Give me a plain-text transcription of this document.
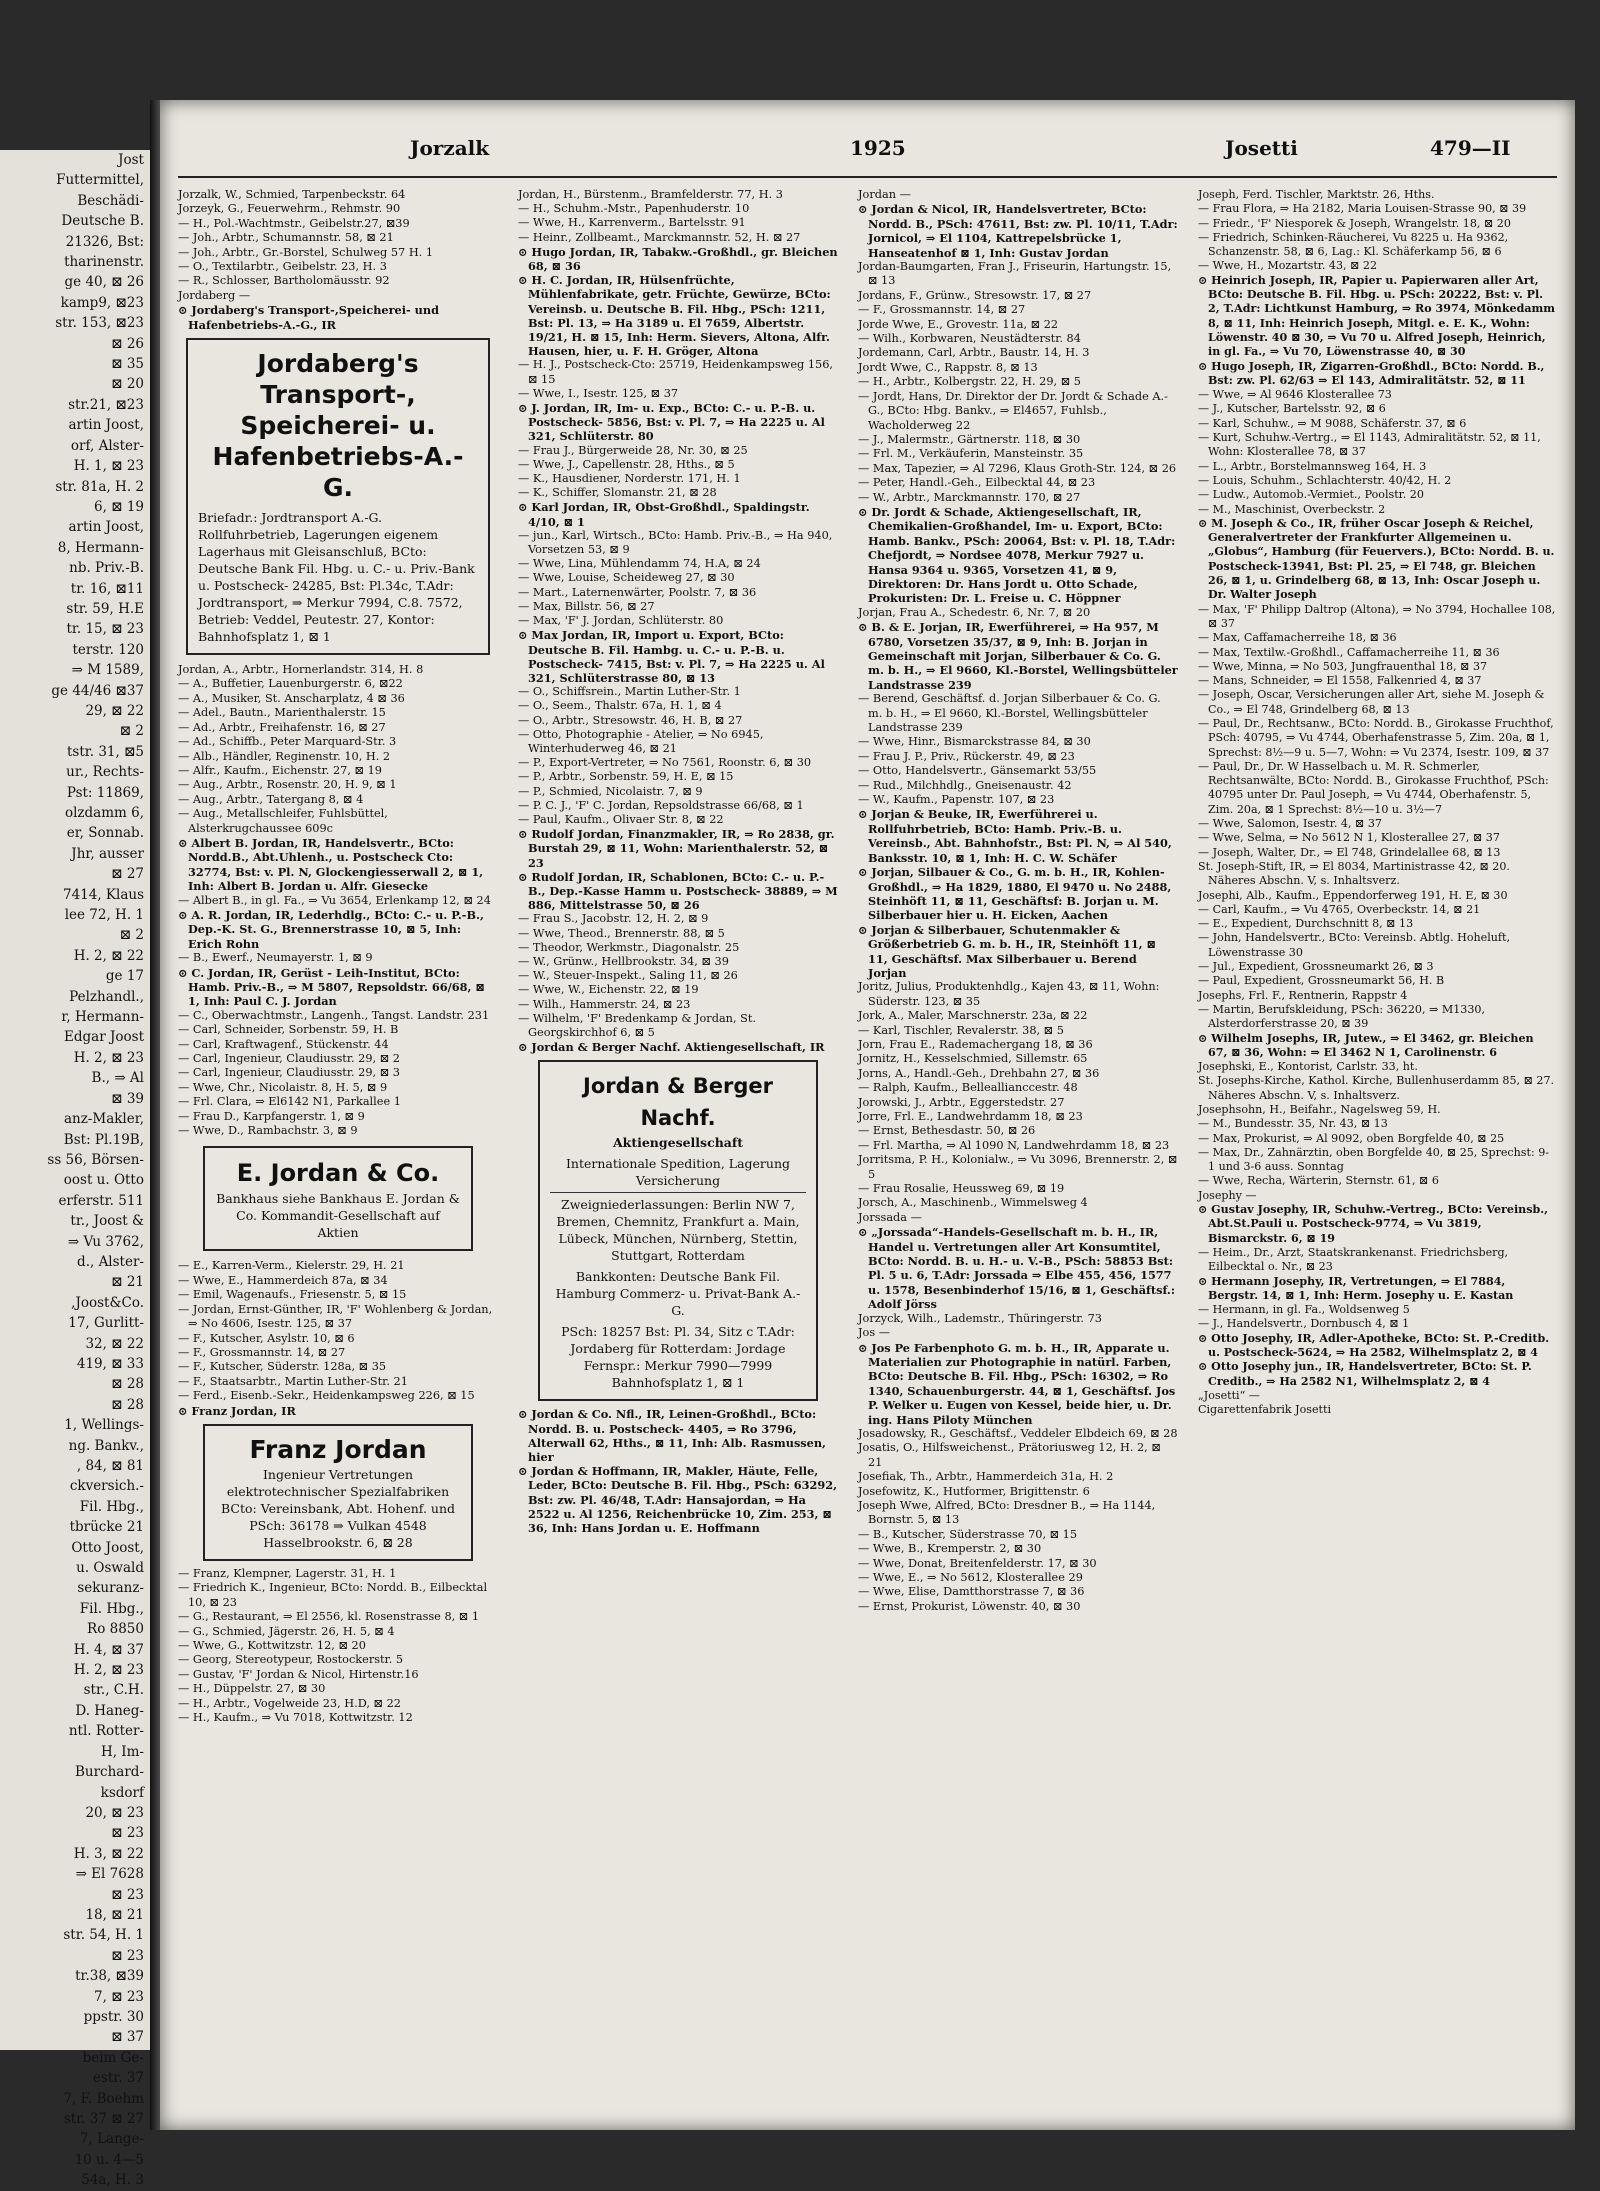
Jost
Futtermittel,
Beschädi-
Deutsche B.
21326, Bst:
tharinenstr.
ge 40, ⊠ 26
kamp9, ⊠23
str. 153, ⊠23
⊠ 26
⊠ 35
⊠ 20
str.21, ⊠23
artin Joost,
orf, Alster-
H. 1, ⊠ 23
str. 81a, H. 2
6, ⊠ 19
artin Joost,
8, Hermann-
nb. Priv.-B.
tr. 16, ⊠11
str. 59, H.E
tr. 15, ⊠ 23
terstr. 120
⇒ M 1589,
ge 44/46 ⊠37
29, ⊠ 22
⊠ 2
tstr. 31, ⊠5
ur., Rechts-
Pst: 11869,
olzdamm 6,
er, Sonnab.
Jhr, ausser
⊠ 27
7414, Klaus
lee 72, H. 1
⊠ 2
H. 2, ⊠ 22
ge 17
Pelzhandl.,
r, Hermann-
Edgar Joost
H. 2, ⊠ 23
B., ⇒ Al
⊠ 39
anz-Makler,
Bst: Pl.19B,
ss 56, Börsen-
oost u. Otto
erferstr. 511
tr., Joost &
⇒ Vu 3762,
d., Alster-
⊠ 21
,Joost&Co.
17, Gurlitt-
32, ⊠ 22
419, ⊠ 33
⊠ 28
⊠ 28
1, Wellings-
ng. Bankv.,
, 84, ⊠ 81
ckversich.-
Fil. Hbg.,
tbrücke 21
Otto Joost,
u. Oswald
sekuranz-
Fil. Hbg.,
Ro 8850
H. 4, ⊠ 37
H. 2, ⊠ 23
str., C.H.
D. Haneg-
ntl. Rotter-
H, Im-
Burchard-
ksdorf
20, ⊠ 23
⊠ 23
H. 3, ⊠ 22
⇒ El 7628
⊠ 23
18, ⊠ 21
str. 54, H. 1
⊠ 23
tr.38, ⊠39
7, ⊠ 23
ppstr. 30
⊠ 37
beim Ge-
estr. 37
7, F. Boehm
str. 37 ⊠ 27
7, Lange-
10 u. 4—5
54a, H. 3
Jorzalk	1925	Josetti	479—II
Jorzalk, W., Schmied, Tarpenbeckstr. 64
Jorzeyk, G., Feuerwehrm., Rehmstr. 90
— H., Pol.-Wachtmstr., Geibelstr.27, ⊠39
— Joh., Arbtr., Schumannstr. 58, ⊠ 21
— Joh., Arbtr., Gr.-Borstel, Schulweg 57 H. 1
— O., Textilarbtr., Geibelstr. 23, H. 3
— R., Schlosser, Bartholomäusstr. 92
Jordaberg —
⊙ Jordaberg's Transport-,Speicherei- und Hafenbetriebs-A.-G., IR
Jordaberg's Transport-, Speicherei- u. Hafenbetriebs-A.-G.
Briefadr.: Jordtransport A.-G. Rollfuhrbetrieb, Lagerungen eigenem Lagerhaus mit Gleisanschluß, BCto: Deutsche Bank Fil. Hbg. u. C.- u. Priv.-Bank u. Postscheck- 24285, Bst: Pl.34c, T.Adr: Jordtransport, ⇒ Merkur 7994, C.8. 7572, Betrieb: Veddel, Peutestr. 27, Kontor: Bahnhofsplatz 1, ⊠ 1
Jordan, A., Arbtr., Hornerlandstr. 314, H. 8
— A., Buffetier, Lauenburgerstr. 6, ⊠22
— A., Musiker, St. Anscharplatz, 4 ⊠ 36
— Adel., Bautn., Marienthalerstr. 15
— Ad., Arbtr., Freihafenstr. 16, ⊠ 27
— Ad., Schiffb., Peter Marquard-Str. 3
— Alb., Händler, Reginenstr. 10, H. 2
— Alfr., Kaufm., Eichenstr. 27, ⊠ 19
— Aug., Arbtr., Rosenstr. 20, H. 9, ⊠ 1
— Aug., Arbtr., Tatergang 8, ⊠ 4
— Aug., Metallschleifer, Fuhlsbüttel, Alsterkrugchaussee 609c
⊙ Albert B. Jordan, IR, Handelsvertr., BCto: Nordd.B., Abt.Uhlenh., u. Postscheck Cto: 32774, Bst: v. Pl. N, Glockengiesserwall 2, ⊠ 1, Inh: Albert B. Jordan u. Alfr. Giesecke
— Albert B., in gl. Fa., ⇒ Vu 3654, Erlenkamp 12, ⊠ 24
⊙ A. R. Jordan, IR, Lederhdlg., BCto: C.- u. P.-B., Dep.-K. St. G., Brennerstrasse 10, ⊠ 5, Inh: Erich Rohn
— B., Ewerf., Neumayerstr. 1, ⊠ 9
⊙ C. Jordan, IR, Gerüst - Leih-Institut, BCto: Hamb. Priv.-B., ⇒ M 5807, Repsoldstr. 66/68, ⊠ 1, Inh: Paul C. J. Jordan
— C., Oberwachtmstr., Langenh., Tangst. Landstr. 231
— Carl, Schneider, Sorbenstr. 59, H. B
— Carl, Kraftwagenf., Stückenstr. 44
— Carl, Ingenieur, Claudiusstr. 29, ⊠ 2
— Carl, Ingenieur, Claudiusstr. 29, ⊠ 3
— Wwe, Chr., Nicolaistr. 8, H. 5, ⊠ 9
— Frl. Clara, ⇒ El6142 N1, Parkallee 1
— Frau D., Karpfangerstr. 1, ⊠ 9
— Wwe, D., Rambachstr. 3, ⊠ 9
E. Jordan & Co.
Bankhaus siehe Bankhaus E. Jordan & Co. Kommandit-Gesellschaft auf Aktien
— E., Karren-Verm., Kielerstr. 29, H. 21
— Wwe, E., Hammerdeich 87a, ⊠ 34
— Emil, Wagenaufs., Friesenstr. 5, ⊠ 15
— Jordan, Ernst-Günther, IR, 'F' Wohlenberg & Jordan, ⇒ No 4606, Isestr. 125, ⊠ 37
— F., Kutscher, Asylstr. 10, ⊠ 6
— F., Grossmannstr. 14, ⊠ 27
— F., Kutscher, Süderstr. 128a, ⊠ 35
— F., Staatsarbtr., Martin Luther-Str. 21
— Ferd., Eisenb.-Sekr., Heidenkampsweg 226, ⊠ 15
⊙ Franz Jordan, IR
Franz Jordan
Ingenieur Vertretungen elektrotechnischer Spezialfabriken BCto: Vereinsbank, Abt. Hohenf. und PSch: 36178 ⇒ Vulkan 4548 Hasselbrookstr. 6, ⊠ 28
— Franz, Klempner, Lagerstr. 31, H. 1
— Friedrich K., Ingenieur, BCto: Nordd. B., Eilbecktal 10, ⊠ 23
— G., Restaurant, ⇒ El 2556, kl. Rosenstrasse 8, ⊠ 1
— G., Schmied, Jägerstr. 26, H. 5, ⊠ 4
— Wwe, G., Kottwitzstr. 12, ⊠ 20
— Georg, Stereotypeur, Rostockerstr. 5
— Gustav, 'F' Jordan & Nicol, Hirtenstr.16
— H., Düppelstr. 27, ⊠ 30
— H., Arbtr., Vogelweide 23, H.D, ⊠ 22
— H., Kaufm., ⇒ Vu 7018, Kottwitzstr. 12
Jordan, H., Bürstenm., Bramfelderstr. 77, H. 3
— H., Schuhm.-Mstr., Papenhuderstr. 10
— Wwe, H., Karrenverm., Bartelsstr. 91
— Heinr., Zollbeamt., Marckmannstr. 52, H. ⊠ 27
⊙ Hugo Jordan, IR, Tabakw.-Großhdl., gr. Bleichen 68, ⊠ 36
⊙ H. C. Jordan, IR, Hülsenfrüchte, Mühlenfabrikate, getr. Früchte, Gewürze, BCto: Vereinsb. u. Deutsche B. Fil. Hbg., PSch: 1211, Bst: Pl. 13, ⇒ Ha 3189 u. El 7659, Albertstr. 19/21, H. ⊠ 15, Inh: Herm. Sievers, Altona, Alfr. Hausen, hier, u. F. H. Gröger, Altona
— H. J., Postscheck-Cto: 25719, Heidenkampsweg 156, ⊠ 15
— Wwe, I., Isestr. 125, ⊠ 37
⊙ J. Jordan, IR, Im- u. Exp., BCto: C.- u. P.-B. u. Postscheck- 5856, Bst: v. Pl. 7, ⇒ Ha 2225 u. Al 321, Schlüterstr. 80
— Frau J., Bürgerweide 28, Nr. 30, ⊠ 25
— Wwe, J., Capellenstr. 28, Hths., ⊠ 5
— K., Hausdiener, Norderstr. 171, H. 1
— K., Schiffer, Slomanstr. 21, ⊠ 28
⊙ Karl Jordan, IR, Obst-Großhdl., Spaldingstr. 4/10, ⊠ 1
— jun., Karl, Wirtsch., BCto: Hamb. Priv.-B., ⇒ Ha 940, Vorsetzen 53, ⊠ 9
— Wwe, Lina, Mühlendamm 74, H.A, ⊠ 24
— Wwe, Louise, Scheideweg 27, ⊠ 30
— Mart., Laternenwärter, Poolstr. 7, ⊠ 36
— Max, Billstr. 56, ⊠ 27
— Max, 'F' J. Jordan, Schlüterstr. 80
⊙ Max Jordan, IR, Import u. Export, BCto: Deutsche B. Fil. Hambg. u. C.- u. P.-B. u. Postscheck- 7415, Bst: v. Pl. 7, ⇒ Ha 2225 u. Al 321, Schlüterstrasse 80, ⊠ 13
— O., Schiffsrein., Martin Luther-Str. 1
— O., Seem., Thalstr. 67a, H. 1, ⊠ 4
— O., Arbtr., Stresowstr. 46, H. B, ⊠ 27
— Otto, Photographie - Atelier, ⇒ No 6945, Winterhuderweg 46, ⊠ 21
— P., Export-Vertreter, ⇒ No 7561, Roonstr. 6, ⊠ 30
— P., Arbtr., Sorbenstr. 59, H. E, ⊠ 15
— P., Schmied, Nicolaistr. 7, ⊠ 9
— P. C. J., 'F' C. Jordan, Repsoldstrasse 66/68, ⊠ 1
— Paul, Kaufm., Olivaer Str. 8, ⊠ 22
⊙ Rudolf Jordan, Finanzmakler, IR, ⇒ Ro 2838, gr. Burstah 29, ⊠ 11, Wohn: Marienthalerstr. 52, ⊠ 23
⊙ Rudolf Jordan, IR, Schablonen, BCto: C.- u. P.-B., Dep.-Kasse Hamm u. Postscheck- 38889, ⇒ M 886, Mittelstrasse 50, ⊠ 26
— Frau S., Jacobstr. 12, H. 2, ⊠ 9
— Wwe, Theod., Brennerstr. 88, ⊠ 5
— Theodor, Werkmstr., Diagonalstr. 25
— W., Grünw., Hellbrookstr. 34, ⊠ 39
— W., Steuer-Inspekt., Saling 11, ⊠ 26
— Wwe, W., Eichenstr. 22, ⊠ 19
— Wilh., Hammerstr. 24, ⊠ 23
— Wilhelm, 'F' Bredenkamp & Jordan, St. Georgskirchhof 6, ⊠ 5
⊙ Jordan & Berger Nachf. Aktiengesellschaft, IR
Jordan & Berger Nachf.
Aktiengesellschaft
Internationale Spedition, Lagerung Versicherung
Zweigniederlassungen: Berlin NW 7, Bremen, Chemnitz, Frankfurt a. Main, Lübeck, München, Nürnberg, Stettin, Stuttgart, Rotterdam
Bankkonten: Deutsche Bank Fil. Hamburg Commerz- u. Privat-Bank A.-G.
PSch: 18257 Bst: Pl. 34, Sitz c T.Adr: Jordaberg für Rotterdam: Jordage Fernspr.: Merkur 7990—7999 Bahnhofsplatz 1, ⊠ 1
⊙ Jordan & Co. Nfl., IR, Leinen-Großhdl., BCto: Nordd. B. u. Postscheck- 4405, ⇒ Ro 3796, Alterwall 62, Hths., ⊠ 11, Inh: Alb. Rasmussen, hier
⊙ Jordan & Hoffmann, IR, Makler, Häute, Felle, Leder, BCto: Deutsche B. Fil. Hbg., PSch: 63292, Bst: zw. Pl. 46/48, T.Adr: Hansajordan, ⇒ Ha 2522 u. Al 1256, Reichenbrücke 10, Zim. 253, ⊠ 36, Inh: Hans Jordan u. E. Hoffmann
Jordan —
⊙ Jordan & Nicol, IR, Handelsvertreter, BCto: Nordd. B., PSch: 47611, Bst: zw. Pl. 10/11, T.Adr: Jornicol, ⇒ El 1104, Kattrepelsbrücke 1, Hanseatenhof ⊠ 1, Inh: Gustav Jordan
Jordan-Baumgarten, Fran J., Friseurin, Hartungstr. 15, ⊠ 13
Jordans, F., Grünw., Stresowstr. 17, ⊠ 27
— F., Grossmannstr. 14, ⊠ 27
Jorde Wwe, E., Grovestr. 11a, ⊠ 22
— Wilh., Korbwaren, Neustädterstr. 84
Jordemann, Carl, Arbtr., Baustr. 14, H. 3
Jordt Wwe, C., Rappstr. 8, ⊠ 13
— H., Arbtr., Kolbergstr. 22, H. 29, ⊠ 5
— Jordt, Hans, Dr. Direktor der Dr. Jordt & Schade A.-G., BCto: Hbg. Bankv., ⇒ El4657, Fuhlsb., Wacholderweg 22
— J., Malermstr., Gärtnerstr. 118, ⊠ 30
— Frl. M., Verkäuferin, Mansteinstr. 35
— Max, Tapezier, ⇒ Al 7296, Klaus Groth-Str. 124, ⊠ 26
— Peter, Handl.-Geh., Eilbecktal 44, ⊠ 23
— W., Arbtr., Marckmannstr. 170, ⊠ 27
⊙ Dr. Jordt & Schade, Aktiengesellschaft, IR, Chemikalien-Großhandel, Im- u. Export, BCto: Hamb. Bankv., PSch: 20064, Bst: v. Pl. 18, T.Adr: Chefjordt, ⇒ Nordsee 4078, Merkur 7927 u. Hansa 9364 u. 9365, Vorsetzen 41, ⊠ 9, Direktoren: Dr. Hans Jordt u. Otto Schade, Prokuristen: Dr. L. Freise u. C. Höppner
Jorjan, Frau A., Schedestr. 6, Nr. 7, ⊠ 20
⊙ B. & E. Jorjan, IR, Ewerführerei, ⇒ Ha 957, M 6780, Vorsetzen 35/37, ⊠ 9, Inh: B. Jorjan in Gemeinschaft mit Jorjan, Silberbauer & Co. G. m. b. H., ⇒ El 9660, Kl.-Borstel, Wellingsbütteler Landstrasse 239
— Berend, Geschäftsf. d. Jorjan Silberbauer & Co. G. m. b. H., ⇒ El 9660, Kl.-Borstel, Wellingsbütteler Landstrasse 239
— Wwe, Hinr., Bismarckstrasse 84, ⊠ 30
— Frau J. P., Priv., Rückerstr. 49, ⊠ 23
— Otto, Handelsvertr., Gänsemarkt 53/55
— Rud., Milchhdlg., Gneisenaustr. 42
— W., Kaufm., Papenstr. 107, ⊠ 23
⊙ Jorjan & Beuke, IR, Ewerführerei u. Rollfuhrbetrieb, BCto: Hamb. Priv.-B. u. Vereinsb., Abt. Bahnhofstr., Bst: Pl. N, ⇒ Al 540, Banksstr. 10, ⊠ 1, Inh: H. C. W. Schäfer
⊙ Jorjan, Silbauer & Co., G. m. b. H., IR, Kohlen-Großhdl., ⇒ Ha 1829, 1880, El 9470 u. No 2488, Steinhöft 11, ⊠ 11, Geschäftsf: B. Jorjan u. M. Silberbauer hier u. H. Eicken, Aachen
⊙ Jorjan & Silberbauer, Schutenmakler & Größerbetrieb G. m. b. H., IR, Steinhöft 11, ⊠ 11, Geschäftsf. Max Silberbauer u. Berend Jorjan
Joritz, Julius, Produktenhdlg., Kajen 43, ⊠ 11, Wohn: Süderstr. 123, ⊠ 35
Jork, A., Maler, Marschnerstr. 23a, ⊠ 22
— Karl, Tischler, Revalerstr. 38, ⊠ 5
Jorn, Frau E., Rademachergang 18, ⊠ 36
Jornitz, H., Kesselschmied, Sillemstr. 65
Jorns, A., Handl.-Geh., Drehbahn 27, ⊠ 36
— Ralph, Kaufm., Belleallianccestr. 48
Jorowski, J., Arbtr., Eggerstedstr. 27
Jorre, Frl. E., Landwehrdamm 18, ⊠ 23
— Ernst, Bethesdastr. 50, ⊠ 26
— Frl. Martha, ⇒ Al 1090 N, Landwehrdamm 18, ⊠ 23
Jorritsma, P. H., Kolonialw., ⇒ Vu 3096, Brennerstr. 2, ⊠ 5
— Frau Rosalie, Heussweg 69, ⊠ 19
Jorsch, A., Maschinenb., Wimmelsweg 4
Jorssada —
⊙ „Jorssada“-Handels-Gesellschaft m. b. H., IR, Handel u. Vertretungen aller Art Konsumtitel, BCto: Nordd. B. u. H.- u. V.-B., PSch: 58853 Bst: Pl. 5 u. 6, T.Adr: Jorssada ⇒ Elbe 455, 456, 1577 u. 1578, Besenbinderhof 15/16, ⊠ 1, Geschäftsf.: Adolf Jörss
Jorzyck, Wilh., Lademstr., Thüringerstr. 73
Jos —
⊙ Jos Pe Farbenphoto G. m. b. H., IR, Apparate u. Materialien zur Photographie in natürl. Farben, BCto: Deutsche B. Fil. Hbg., PSch: 16302, ⇒ Ro 1340, Schauenburgerstr. 44, ⊠ 1, Geschäftsf. Jos P. Welker u. Eugen von Kessel, beide hier, u. Dr. ing. Hans Piloty München
Josadowsky, R., Geschäftsf., Veddeler Elbdeich 69, ⊠ 28
Josatis, O., Hilfsweichenst., Prätoriusweg 12, H. 2, ⊠ 21
Josefiak, Th., Arbtr., Hammerdeich 31a, H. 2
Josefowitz, K., Hutformer, Brigittenstr. 6
Joseph Wwe, Alfred, BCto: Dresdner B., ⇒ Ha 1144, Bornstr. 5, ⊠ 13
— B., Kutscher, Süderstrasse 70, ⊠ 15
— Wwe, B., Kremperstr. 2, ⊠ 30
— Wwe, Donat, Breitenfelderstr. 17, ⊠ 30
— Wwe, E., ⇒ No 5612, Klosterallee 29
— Wwe, Elise, Damtthorstrasse 7, ⊠ 36
— Ernst, Prokurist, Löwenstr. 40, ⊠ 30
Joseph, Ferd. Tischler, Marktstr. 26, Hths.
— Frau Flora, ⇒ Ha 2182, Maria Louisen-Strasse 90, ⊠ 39
— Friedr., 'F' Niesporek & Joseph, Wrangelstr. 18, ⊠ 20
— Friedrich, Schinken-Räucherei, Vu 8225 u. Ha 9362, Schanzenstr. 58, ⊠ 6, Lag.: Kl. Schäferkamp 56, ⊠ 6
— Wwe, H., Mozartstr. 43, ⊠ 22
⊙ Heinrich Joseph, IR, Papier u. Papierwaren aller Art, BCto: Deutsche B. Fil. Hbg. u. PSch: 20222, Bst: v. Pl. 2, T.Adr: Lichtkunst Hamburg, ⇒ Ro 3974, Mönkedamm 8, ⊠ 11, Inh: Heinrich Joseph, Mitgl. e. E. K., Wohn: Löwenstr. 40 ⊠ 30, ⇒ Vu 70 u. Alfred Joseph, Heinrich, in gl. Fa., ⇒ Vu 70, Löwenstrasse 40, ⊠ 30
⊙ Hugo Joseph, IR, Zigarren-Großhdl., BCto: Nordd. B., Bst: zw. Pl. 62/63 ⇒ El 143, Admiralitätstr. 52, ⊠ 11
— Wwe, ⇒ Al 9646 Klosterallee 73
— J., Kutscher, Bartelsstr. 92, ⊠ 6
— Karl, Schuhw., ⇒ M 9088, Schäferstr. 37, ⊠ 6
— Kurt, Schuhw.-Vertrg., ⇒ El 1143, Admiralitätstr. 52, ⊠ 11, Wohn: Klosterallee 78, ⊠ 37
— L., Arbtr., Borstelmannsweg 164, H. 3
— Louis, Schuhm., Schlachterstr. 40/42, H. 2
— Ludw., Automob.-Vermiet., Poolstr. 20
— M., Maschinist, Overbeckstr. 2
⊙ M. Joseph & Co., IR, früher Oscar Joseph & Reichel, Generalvertreter der Frankfurter Allgemeinen u. „Globus“, Hamburg (für Feuervers.), BCto: Nordd. B. u. Postscheck-13941, Bst: Pl. 25, ⇒ El 748, gr. Bleichen 26, ⊠ 1, u. Grindelberg 68, ⊠ 13, Inh: Oscar Joseph u. Dr. Walter Joseph
— Max, 'F' Philipp Daltrop (Altona), ⇒ No 3794, Hochallee 108, ⊠ 37
— Max, Caffamacherreihe 18, ⊠ 36
— Max, Textilw.-Großhdl., Caffamacherreihe 11, ⊠ 36
— Wwe, Minna, ⇒ No 503, Jungfrauenthal 18, ⊠ 37
— Mans, Schneider, ⇒ El 1558, Falkenried 4, ⊠ 37
— Joseph, Oscar, Versicherungen aller Art, siehe M. Joseph & Co., ⇒ El 748, Grindelberg 68, ⊠ 13
— Paul, Dr., Rechtsanw., BCto: Nordd. B., Girokasse Fruchthof, PSch: 40795, ⇒ Vu 4744, Oberhafenstrasse 5, Zim. 20a, ⊠ 1, Sprechst: 8½—9 u. 5—7, Wohn: ⇒ Vu 2374, Isestr. 109, ⊠ 37
— Paul, Dr., Dr. W Hasselbach u. M. R. Schmerler, Rechtsanwälte, BCto: Nordd. B., Girokasse Fruchthof, PSch: 40795 unter Dr. Paul Joseph, ⇒ Vu 4744, Oberhafenstr. 5, Zim. 20a, ⊠ 1 Sprechst: 8½—10 u. 3½—7
— Wwe, Salomon, Isestr. 4, ⊠ 37
— Wwe, Selma, ⇒ No 5612 N 1, Klosterallee 27, ⊠ 37
— Joseph, Walter, Dr., ⇒ El 748, Grindelallee 68, ⊠ 13
St. Joseph-Stift, IR, ⇒ El 8034, Martinistrasse 42, ⊠ 20. Näheres Abschn. V, s. Inhaltsverz.
Josephi, Alb., Kaufm., Eppendorferweg 191, H. E, ⊠ 30
— Carl, Kaufm., ⇒ Vu 4765, Overbeckstr. 14, ⊠ 21
— E., Expedient, Durchschnitt 8, ⊠ 13
— John, Handelsvertr., BCto: Vereinsb. Abtlg. Hoheluft, Löwenstrasse 30
— Jul., Expedient, Grossneumarkt 26, ⊠ 3
— Paul, Expedient, Grossneumarkt 56, H. B
Josephs, Frl. F., Rentnerin, Rappstr 4
— Martin, Berufskleidung, PSch: 36220, ⇒ M1330, Alsterdorferstrasse 20, ⊠ 39
⊙ Wilhelm Josephs, IR, Jutew., ⇒ El 3462, gr. Bleichen 67, ⊠ 36, Wohn: ⇒ El 3462 N 1, Carolinenstr. 6
Josephski, E., Kontorist, Carlstr. 33, ht.
St. Josephs-Kirche, Kathol. Kirche, Bullenhuserdamm 85, ⊠ 27. Näheres Abschn. V, s. Inhaltsverz.
Josephsohn, H., Beifahr., Nagelsweg 59, H.
— M., Bundesstr. 35, Nr. 43, ⊠ 13
— Max, Prokurist, ⇒ Al 9092, oben Borgfelde 40, ⊠ 25
— Max, Dr., Zahnärztin, oben Borgfelde 40, ⊠ 25, Sprechst: 9-1 und 3-6 auss. Sonntag
— Wwe, Recha, Wärterin, Sternstr. 61, ⊠ 6
Josephy —
⊙ Gustav Josephy, IR, Schuhw.-Vertreg., BCto: Vereinsb., Abt.St.Pauli u. Postscheck-9774, ⇒ Vu 3819, Bismarckstr. 6, ⊠ 19
— Heim., Dr., Arzt, Staatskrankenanst. Friedrichsberg, Eilbecktal o. Nr., ⊠ 23
⊙ Hermann Josephy, IR, Vertretungen, ⇒ El 7884, Bergstr. 14, ⊠ 1, Inh: Herm. Josephy u. E. Kastan
— Hermann, in gl. Fa., Woldsenweg 5
— J., Handelsvertr., Dornbusch 4, ⊠ 1
⊙ Otto Josephy, IR, Adler-Apotheke, BCto: St. P.-Creditb. u. Postscheck-5624, ⇒ Ha 2582, Wilhelmsplatz 2, ⊠ 4
⊙ Otto Josephy jun., IR, Handelsvertreter, BCto: St. P. Creditb., ⇒ Ha 2582 N1, Wilhelmsplatz 2, ⊠ 4
„Josetti“ —
Cigarettenfabrik Josetti
